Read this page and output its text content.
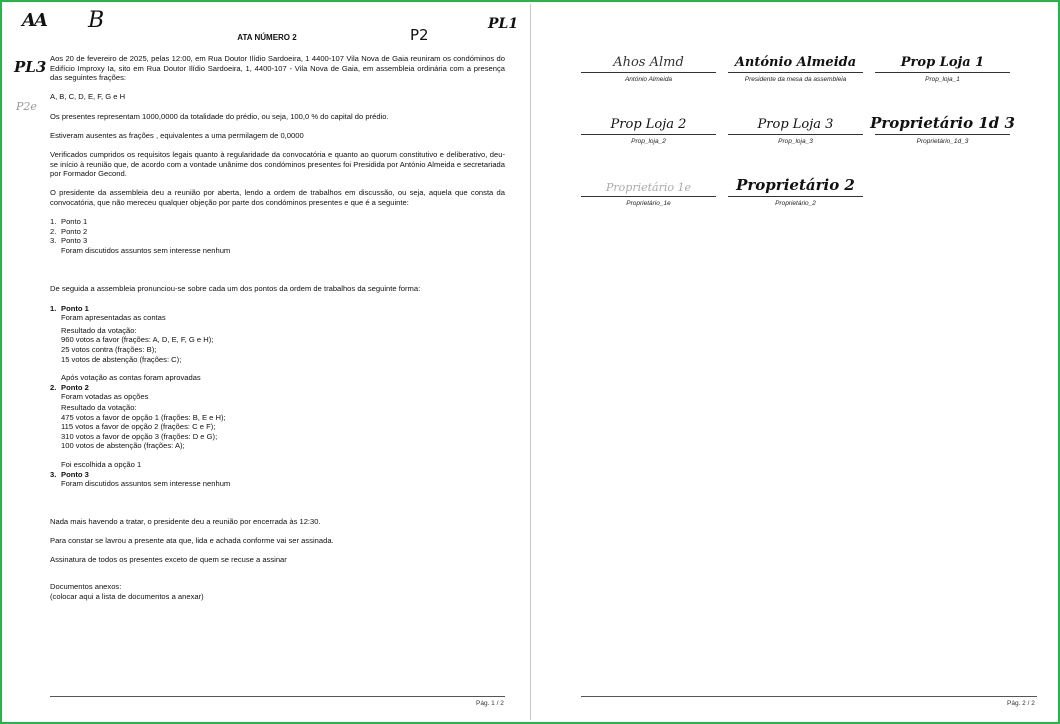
AA B
P2
PL1
PL3
P2e
ATA NÚMERO 2

Aos 20 de fevereiro de 2025, pelas 12:00, em Rua Doutor Ilídio Sardoeira, 1 4400-107 Vila Nova de Gaia reuniram os condóminos do Edifício Improxy Ia, sito em Rua Doutor Ilídio Sardoeira, 1, 4400-107 - Vila Nova de Gaia, em assembleia ordinária com a presença das seguintes frações:

A, B, C, D, E, F, G e H

Os presentes representam 1000,0000 da totalidade do prédio, ou seja, 100,0 % do capital do prédio.

Estiveram ausentes as frações , equivalentes a uma permilagem de 0,0000

Verificados cumpridos os requisitos legais quanto à regularidade da convocatória e quanto ao quorum constitutivo e deliberativo, deu-se início à reunião que, de acordo com a vontade unânime dos condóminos presentes foi Presidida por António Almeida e secretariada por Formador Gecond.

O presidente da assembleia deu a reunião por aberta, lendo a ordem de trabalhos em discussão, ou seja, aquela que consta da convocatória, que não mereceu qualquer objeção por parte dos condóminos presentes e que é a seguinte:

1. Ponto 1
2. Ponto 2
3. Ponto 3
Foram discutidos assuntos sem interesse nenhum

De seguida a assembleia pronunciou-se sobre cada um dos pontos da ordem de trabalhos da seguinte forma:

1. Ponto 1
Foram apresentadas as contas
Resultado da votação:
960 votos a favor (frações: A, D, E, F, G e H);
25 votos contra (frações: B);
15 votos de abstenção (frações: C);
Após votação as contas foram aprovadas
2. Ponto 2
Foram votadas as opções
Resultado da votação:
475 votos a favor de opção 1 (frações: B, E e H);
115 votos a favor de opção 2 (frações: C e F);
310 votos a favor de opção 3 (frações: D e G);
100 votos de abstenção (frações: A);
Foi escolhida a opção 1
3. Ponto 3
Foram discutidos assuntos sem interesse nenhum

Nada mais havendo a tratar, o presidente deu a reunião por encerrada às 12:30.

Para constar se lavrou a presente ata que, lida e achada conforme vai ser assinada.

Assinatura de todos os presentes exceto de quem se recuse a assinar

Documentos anexos:
(colocar aqui a lista de documentos a anexar)
Pág. 1 / 2
Ahos Almd
António Almeida
António Almeida
Presidente da mesa da assembleia
Prop Loja 1
Prop_loja_1
Prop Loja 2
Prop_loja_2
Prop Loja 3
Prop_loja_3
Proprietário 1d 3
Proprietário_1d_3
Proprietário 1e
Proprietário_1e
Proprietário 2
Proprietário_2
Pág. 2 / 2
